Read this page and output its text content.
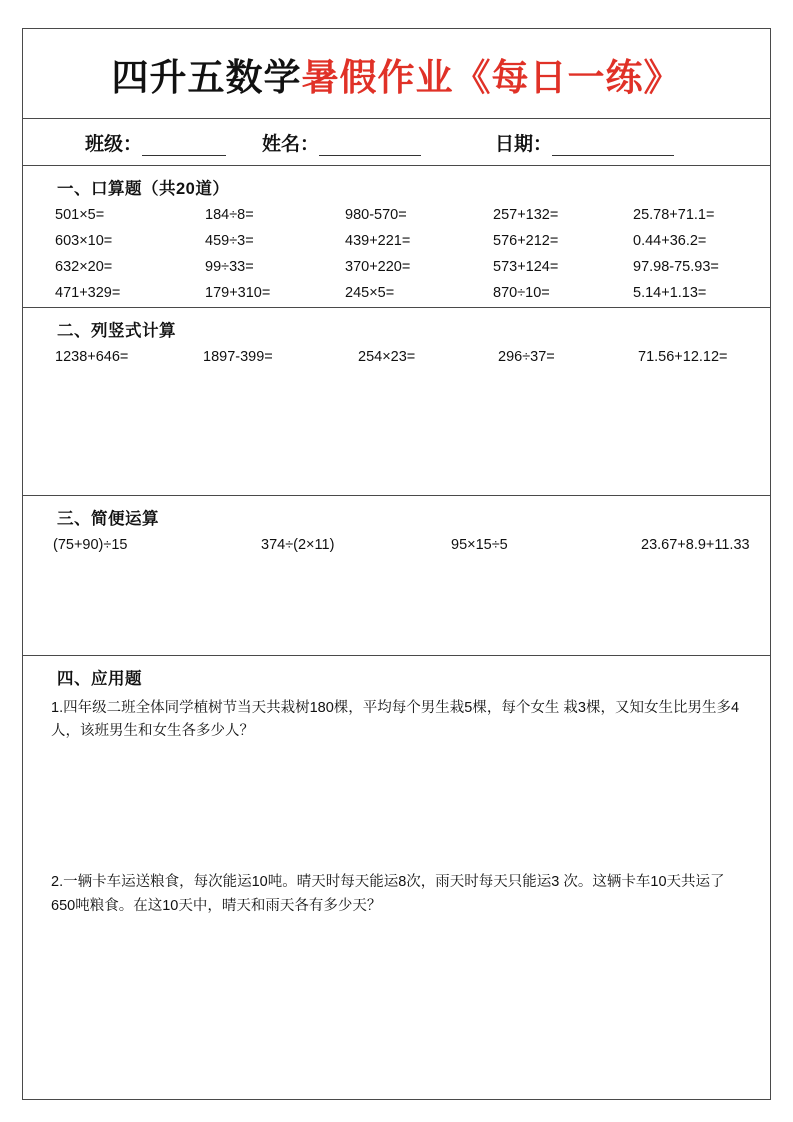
四升五数学 暑假作业 《每日一练》
班级：	姓名：	日期：
一、口算题（共20道）
501×5=	184÷8=	980-570=	257+132=	25.78+71.1=
603×10=	459÷3=	439+221=	576+212=	0.44+36.2=
632×20=	99÷33=	370+220=	573+124=	97.98-75.93=
471+329=	179+310=	245×5=	870÷10=	5.14+1.13=
二、列竖式计算
1238+646=	1897-399=	254×23=	296÷37=	71.56+12.12=
三、简便运算
(75+90)÷15	374÷(2×11)	95×15÷5	23.67+8.9+11.33
四、应用题
1.四年级二班全体同学植树节当天共栽树180棵，平均每个男生栽5棵，每个女生 栽3棵，又知女生比男生多4人，该班男生和女生各多少人？
2.一辆卡车运送粮食，每次能运10吨。晴天时每天能运8次，雨天时每天只能运3 次。这辆卡车10天共运了650吨粮食。在这10天中，晴天和雨天各有多少天？
